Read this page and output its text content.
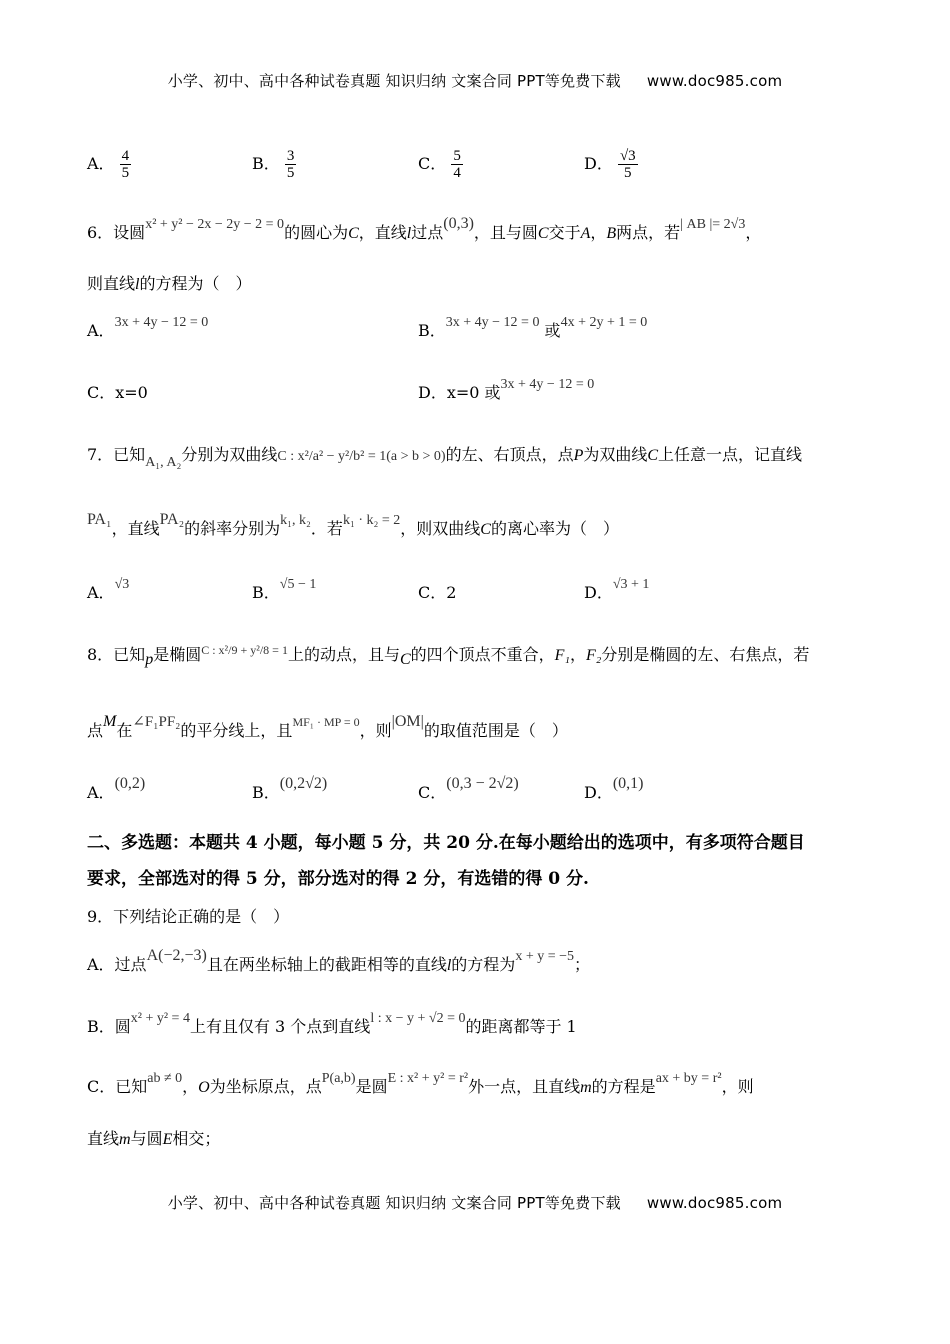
小学、初中、高中各种试卷真题 知识归纳 文案合同 PPT等免费下载 www.doc985.com
A． $\frac{4}{5}$	B． $\frac{3}{5}$	C． $\frac{5}{4}$	D． $\frac{√3}{5}$
6．设圆x² + y² − 2x − 2y − 2 = 0的圆心为C，直线l过点(0,3)，且与圆C交于A，B两点，若| AB |= 2√3，
则直线l的方程为（　）
A．3x + 4y − 12 = 0	B．3x + 4y − 12 = 0 或4x + 2y + 1 = 0
C．x=0	D．x=0 或3x + 4y − 12 = 0
7．已知A₁, A₂分别为双曲线C : x²/a² − y²/b² = 1(a > b > 0)的左、右顶点，点P为双曲线C上任意一点，记直线
PA₁，直线PA₂的斜率分别为k₁, k₂．若k₁ · k₂ = 2，则双曲线C的离心率为（　）
A．√3	B．√5 − 1	C．2	D．√3 + 1
8．已知p是椭圆$^{C : x^2/9 + y^2/8 = 1}$上的动点，且与C的四个顶点不重合，F₁，F₂分别是椭圆的左、右焦点，若
点M在∠F₁PF₂的平分线上，且$^{MF_1 \cdot MP = 0}$，则|OM|的取值范围是（　）
A．(0,2)	B．(0,2√2)	C．(0,3 − 2√2)	D．(0,1)
二、多选题：本题共 4 小题，每小题 5 分，共 20 分.在每小题给出的选项中，有多项符合题目
要求，全部选对的得 5 分，部分选对的得 2 分，有选错的得 0 分.
9．下列结论正确的是（　）
A．过点A(−2,−3)且在两坐标轴上的截距相等的直线l的方程为x + y = −5；
B．圆x² + y² = 4上有且仅有 3 个点到直线l : x − y + √2 = 0的距离都等于 1
C．已知ab ≠ 0，O为坐标原点，点P(a,b)是圆E : x² + y² = r²外一点，且直线m的方程是ax + by = r²，则
直线m与圆E相交；
小学、初中、高中各种试卷真题 知识归纳 文案合同 PPT等免费下载 www.doc985.com
